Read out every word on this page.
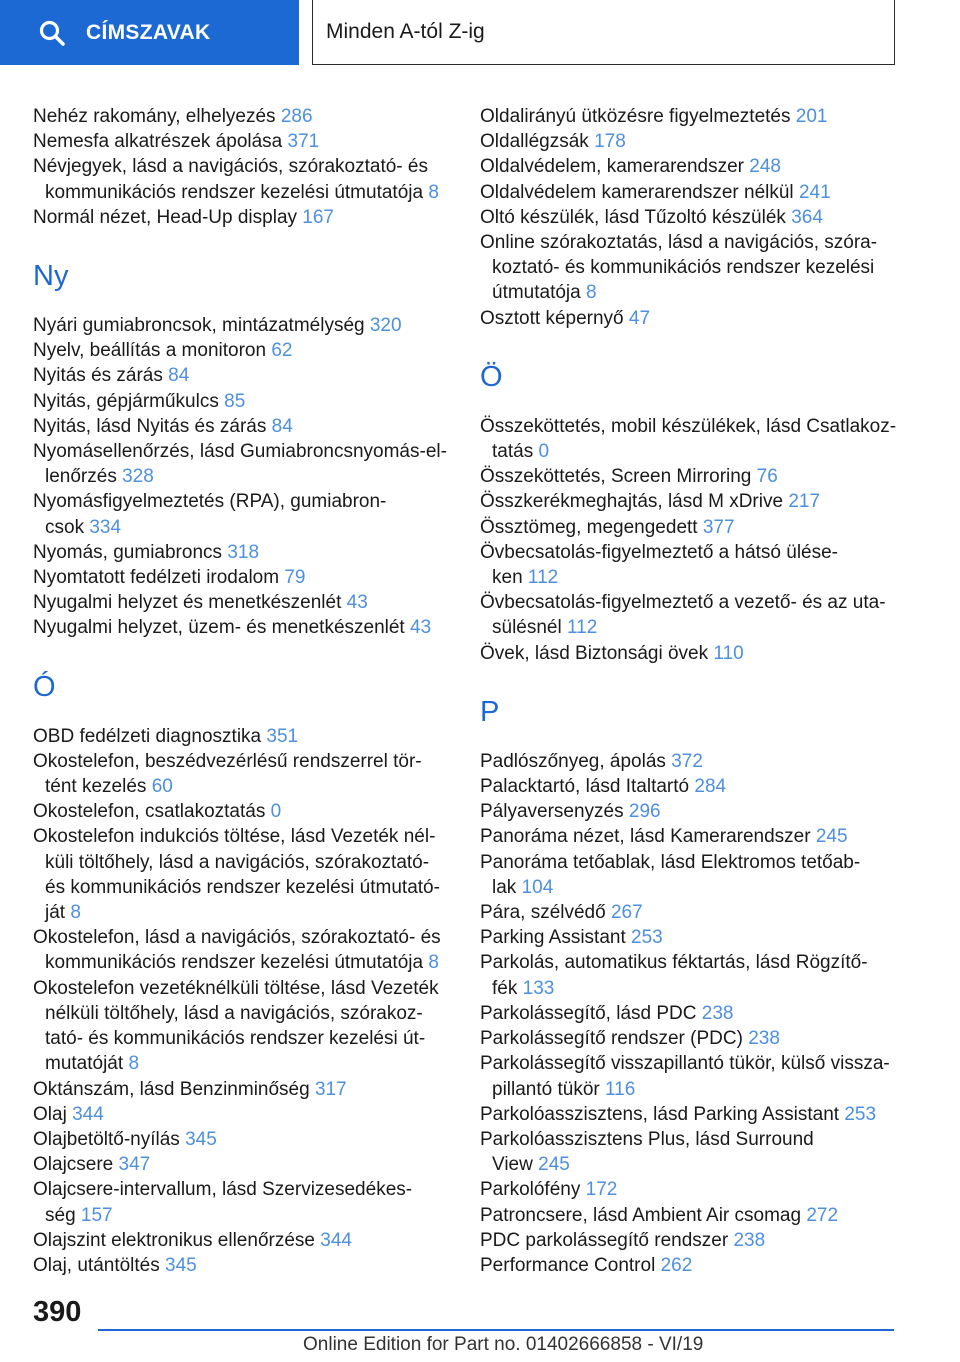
CÍMSZAVAK	Minden A-tól Z-ig
Nehéz rakomány, elhelyezés 286
Nemesfa alkatrészek ápolása 371
Névjegyek, lásd a navigációs, szórakoztató- és
kommunikációs rendszer kezelési útmutatója 8
Normál nézet, Head-Up display 167
Ny
Nyári gumiabroncsok, mintázatmélység 320
Nyelv, beállítás a monitoron 62
Nyitás és zárás 84
Nyitás, gépjárműkulcs 85
Nyitás, lásd Nyitás és zárás 84
Nyomásellenőrzés, lásd Gumiabroncsnyomás-el‐
lenőrzés 328
Nyomásfigyelmeztetés (RPA), gumiabron‐
csok 334
Nyomás, gumiabroncs 318
Nyomtatott fedélzeti irodalom 79
Nyugalmi helyzet és menetkészenlét 43
Nyugalmi helyzet, üzem- és menetkészenlét 43
Ó
OBD fedélzeti diagnosztika 351
Okostelefon, beszédvezérlésű rendszerrel tör‐
tént kezelés 60
Okostelefon, csatlakoztatás 0
Okostelefon indukciós töltése, lásd Vezeték nél‐
küli töltőhely, lásd a navigációs, szórakoztató-
és kommunikációs rendszer kezelési útmutató‐
ját 8
Okostelefon, lásd a navigációs, szórakoztató- és
kommunikációs rendszer kezelési útmutatója 8
Okostelefon vezetéknélküli töltése, lásd Vezeték
nélküli töltőhely, lásd a navigációs, szórakoz‐
tató- és kommunikációs rendszer kezelési út‐
mutatóját 8
Oktánszám, lásd Benzinminőség 317
Olaj 344
Olajbetöltő-nyílás 345
Olajcsere 347
Olajcsere-intervallum, lásd Szervizesedékes‐
ség 157
Olajszint elektronikus ellenőrzése 344
Olaj, utántöltés 345
Oldalirányú ütközésre figyelmeztetés 201
Oldallégzsák 178
Oldalvédelem, kamerarendszer 248
Oldalvédelem kamerarendszer nélkül 241
Oltó készülék, lásd Tűzoltó készülék 364
Online szórakoztatás, lásd a navigációs, szóra‐
koztató- és kommunikációs rendszer kezelési
útmutatója 8
Osztott képernyő 47
Ö
Összeköttetés, mobil készülékek, lásd Csatlakoz‐
tatás 0
Összeköttetés, Screen Mirroring 76
Összkerékmeghajtás, lásd M xDrive 217
Össztömeg, megengedett 377
Övbecsatolás-figyelmeztető a hátsó ülése‐
ken 112
Övbecsatolás-figyelmeztető a vezető- és az uta‐
sülésnél 112
Övek, lásd Biztonsági övek 110
P
Padlószőnyeg, ápolás 372
Palacktartó, lásd Italtartó 284
Pályaversenyzés 296
Panoráma nézet, lásd Kamerarendszer 245
Panoráma tetőablak, lásd Elektromos tetőab‐
lak 104
Pára, szélvédő 267
Parking Assistant 253
Parkolás, automatikus féktartás, lásd Rögzítő‐
fék 133
Parkolássegítő, lásd PDC 238
Parkolássegítő rendszer (PDC) 238
Parkolássegítő visszapillantó tükör, külső vissza‐
pillantó tükör 116
Parkolóasszisztens, lásd Parking Assistant 253
Parkolóasszisztens Plus, lásd Surround
View 245
Parkolófény 172
Patroncsere, lásd Ambient Air csomag 272
PDC parkolássegítő rendszer 238
Performance Control 262
390
Online Edition for Part no. 01402666858 - VI/19
